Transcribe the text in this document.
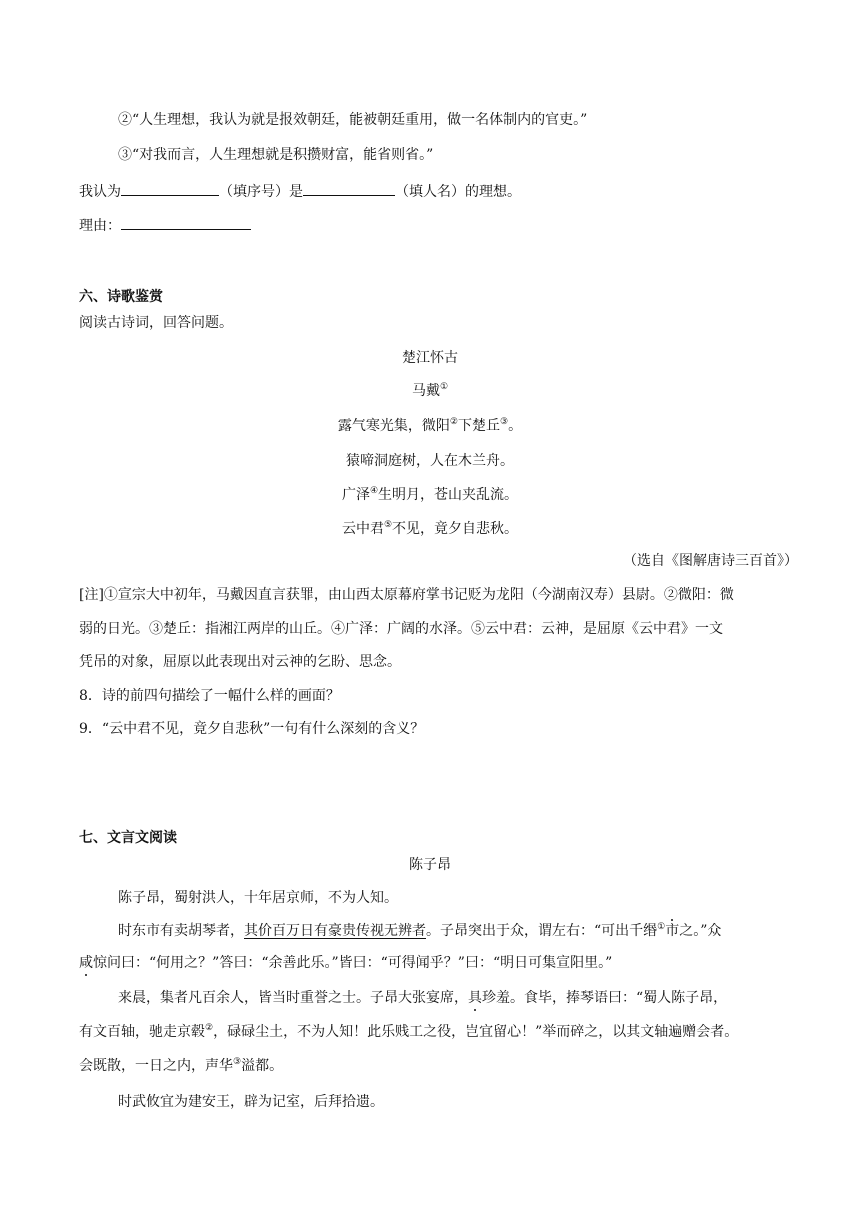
②“人生理想，我认为就是报效朝廷，能被朝廷重用，做一名体制内的官吏。”
③“对我而言，人生理想就是积攒财富，能省则省。”
我认为	（填序号）是	（填人名）的理想。
理由：
六、诗歌鉴赏
阅读古诗词，回答问题。
楚江怀古
马戴①
露气寒光集，微阳②下楚丘③。
猿啼洞庭树，人在木兰舟。
广泽④生明月，苍山夹乱流。
云中君⑤不见，竟夕自悲秋。
（选自《图解唐诗三百首》）
[注]①宣宗大中初年，马戴因直言获罪，由山西太原幕府掌书记贬为龙阳（今湖南汉寿）县尉。②微阳：微
弱的日光。③楚丘：指湘江两岸的山丘。④广泽：广阔的水泽。⑤云中君：云神，是屈原《云中君》一文
凭吊的对象，屈原以此表现出对云神的乞盼、思念。
8．诗的前四句描绘了一幅什么样的画面？
9．“云中君不见，竟夕自悲秋”一句有什么深刻的含义？
七、文言文阅读
陈子昂
陈子昂，蜀射洪人，十年居京师，不为人知。
时东市有卖胡琴者，其价百万日有豪贵传视无辨者。子昂突出于众，谓左右：“可出千缗①市之。”众
咸惊问曰：“何用之？”答曰：“余善此乐。”皆曰：“可得闻乎？”曰：“明日可集宣阳里。”
来晨，集者凡百余人，皆当时重誉之士。子昂大张宴席，具珍羞。食毕，捧琴语曰：“蜀人陈子昂，
有文百轴，驰走京毂②，碌碌尘土，不为人知！此乐贱工之役，岂宜留心！”举而碎之，以其文轴遍赠会者。
会既散，一日之内，声华③溢都。
时武攸宜为建安王，辟为记室，后拜拾遗。
